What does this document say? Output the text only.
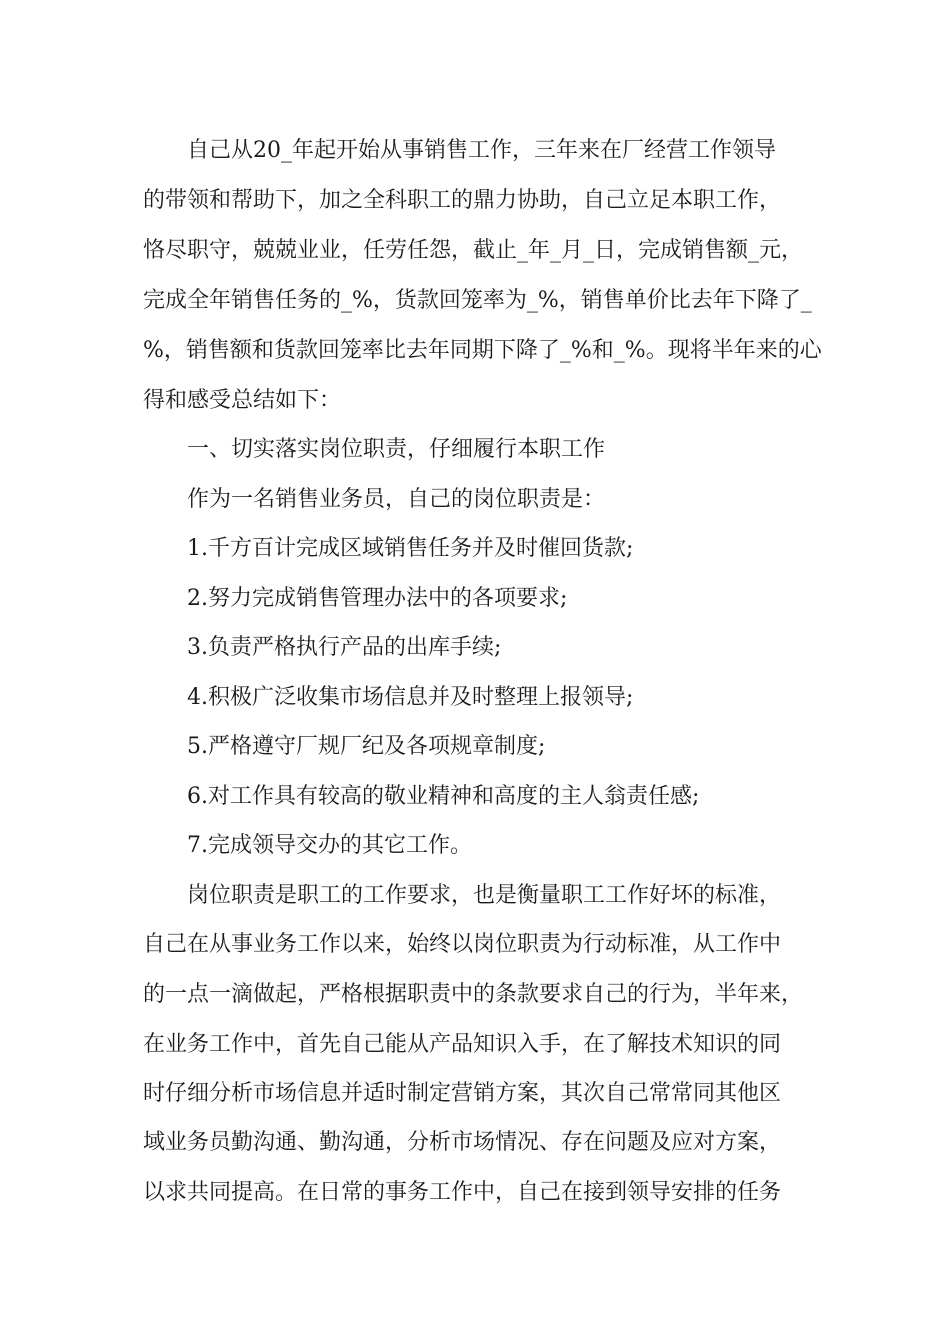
自己从20_年起开始从事销售工作，三年来在厂经营工作领导
的带领和帮助下，加之全科职工的鼎力协助，自己立足本职工作，
恪尽职守，兢兢业业，任劳任怨，截止_年_月_日，完成销售额_元，
完成全年销售任务的_%，货款回笼率为_%，销售单价比去年下降了_
%，销售额和货款回笼率比去年同期下降了_%和_%。现将半年来的心
得和感受总结如下：
一、切实落实岗位职责，仔细履行本职工作
作为一名销售业务员，自己的岗位职责是：
1.千方百计完成区域销售任务并及时催回货款;
2.努力完成销售管理办法中的各项要求;
3.负责严格执行产品的出库手续;
4.积极广泛收集市场信息并及时整理上报领导;
5.严格遵守厂规厂纪及各项规章制度;
6.对工作具有较高的敬业精神和高度的主人翁责任感;
7.完成领导交办的其它工作。
岗位职责是职工的工作要求，也是衡量职工工作好坏的标准，
自己在从事业务工作以来，始终以岗位职责为行动标准，从工作中
的一点一滴做起，严格根据职责中的条款要求自己的行为，半年来，
在业务工作中，首先自己能从产品知识入手，在了解技术知识的同
时仔细分析市场信息并适时制定营销方案，其次自己常常同其他区
域业务员勤沟通、勤沟通，分析市场情况、存在问题及应对方案，
以求共同提高。在日常的事务工作中，自己在接到领导安排的任务
